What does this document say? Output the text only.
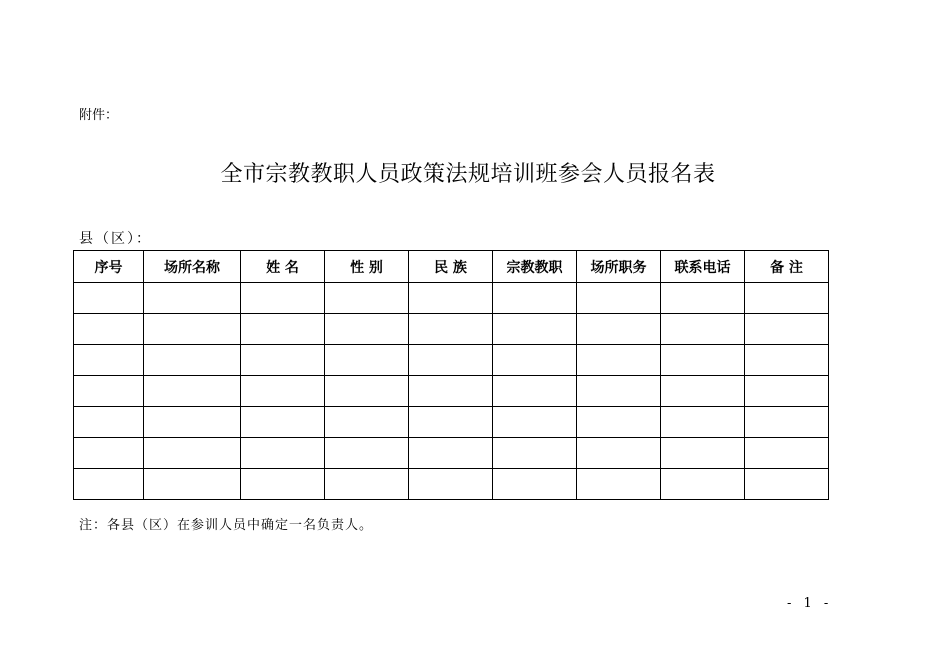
附件：
全市宗教教职人员政策法规培训班参会人员报名表
县（区）：
序号	场所名称	姓 名	性 别	民 族	宗教教职	场所职务	联系电话	备 注

注：各县（区）在参训人员中确定一名负责人。
- 1 -
